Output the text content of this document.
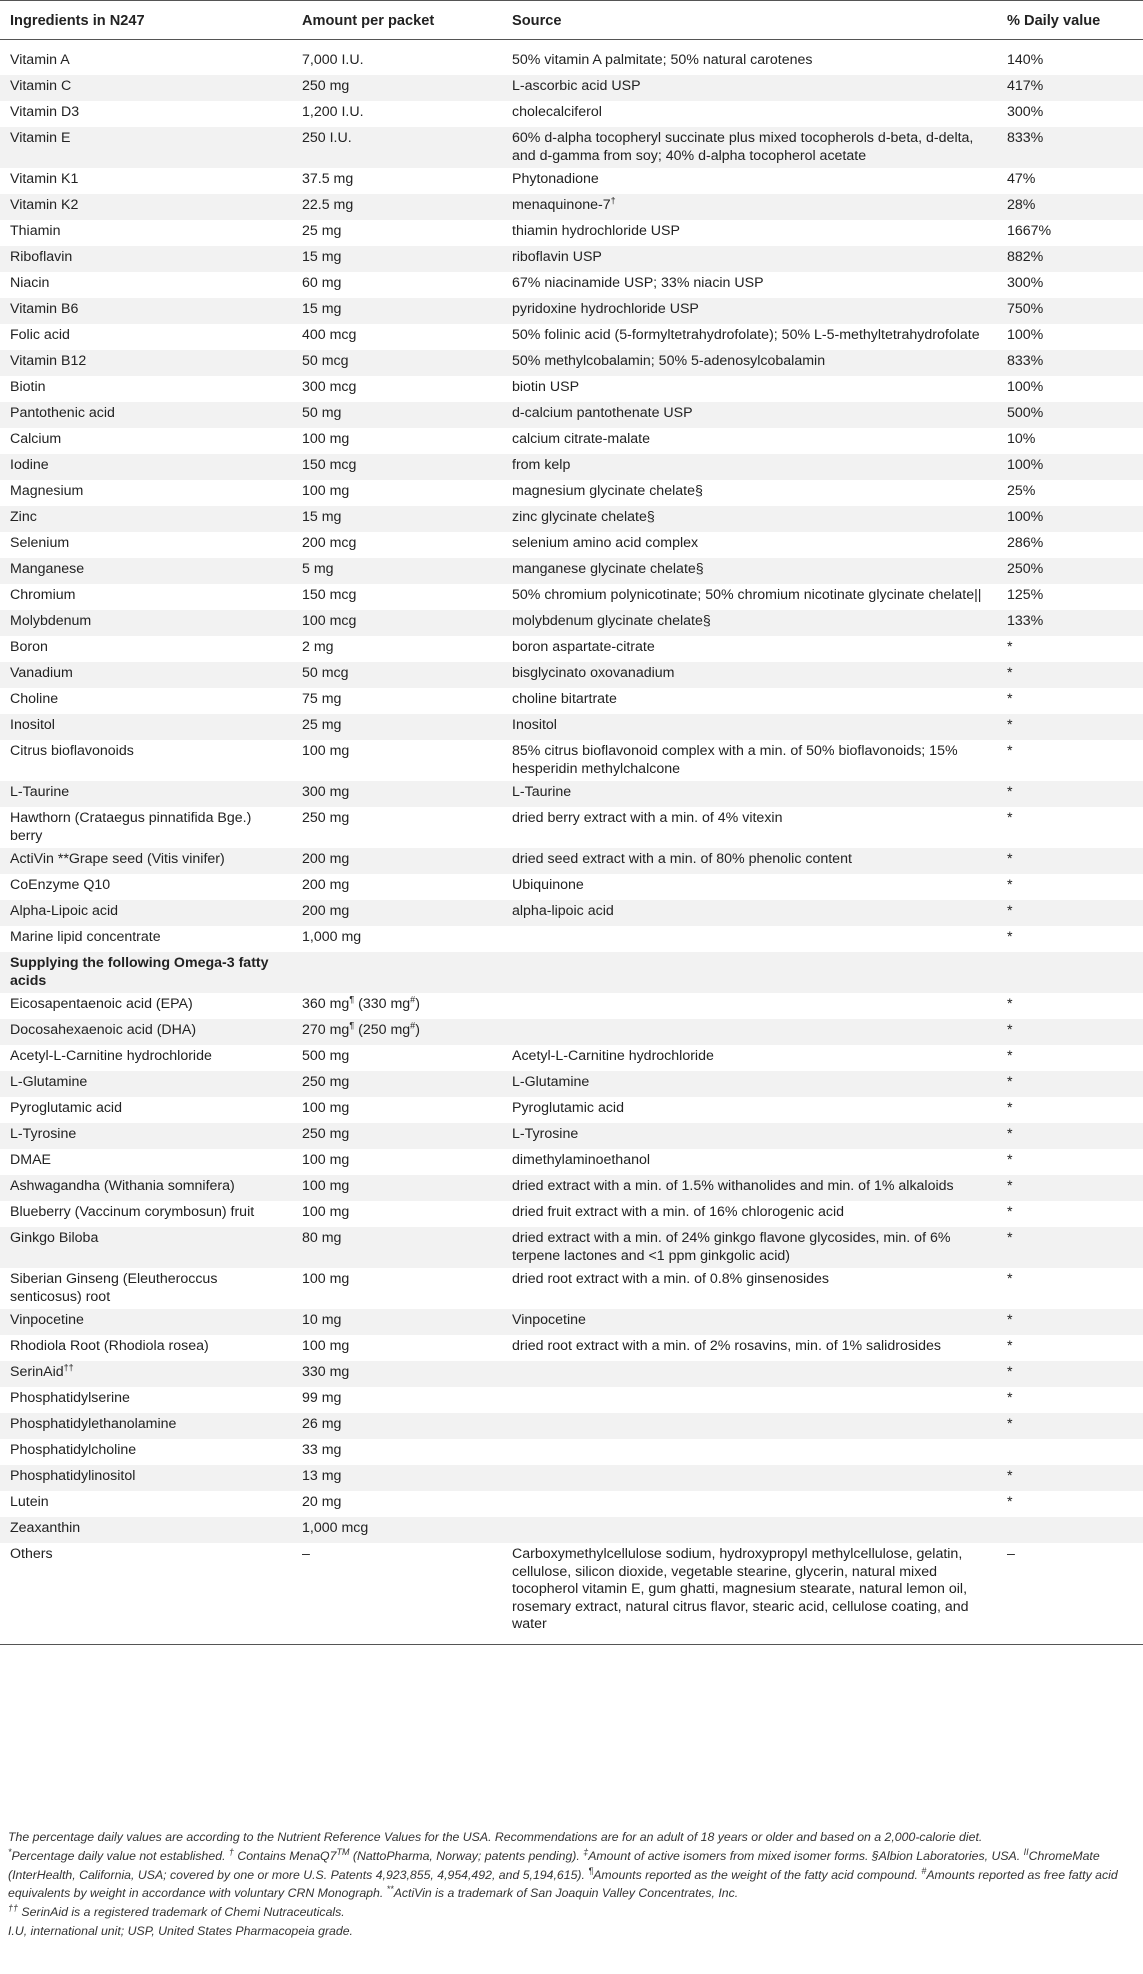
Ingredients in N247	Amount per packet	Source	% Daily value
Vitamin A	7,000 I.U.	50% vitamin A palmitate; 50% natural carotenes	140%
Vitamin C	250 mg	L-ascorbic acid USP	417%
Vitamin D3	1,200 I.U.	cholecalciferol	300%
Vitamin E	250 I.U.	60% d-alpha tocopheryl succinate plus mixed tocopherols d-beta, d-delta, and d-gamma from soy; 40% d-alpha tocopherol acetate	833%
Vitamin K1	37.5 mg	Phytonadione	47%
Vitamin K2	22.5 mg	menaquinone-7†	28%
Thiamin	25 mg	thiamin hydrochloride USP	1667%
Riboflavin	15 mg	riboflavin USP	882%
Niacin	60 mg	67% niacinamide USP; 33% niacin USP	300%
Vitamin B6	15 mg	pyridoxine hydrochloride USP	750%
Folic acid	400 mcg	50% folinic acid (5-formyltetrahydrofolate); 50% L-5-methyltetrahydrofolate	100%
Vitamin B12	50 mcg	50% methylcobalamin; 50% 5-adenosylcobalamin	833%
Biotin	300 mcg	biotin USP	100%
Pantothenic acid	50 mg	d-calcium pantothenate USP	500%
Calcium	100 mg	calcium citrate-malate	10%
Iodine	150 mcg	from kelp	100%
Magnesium	100 mg	magnesium glycinate chelate§	25%
Zinc	15 mg	zinc glycinate chelate§	100%
Selenium	200 mcg	selenium amino acid complex	286%
Manganese	5 mg	manganese glycinate chelate§	250%
Chromium	150 mcg	50% chromium polynicotinate; 50% chromium nicotinate glycinate chelate||	125%
Molybdenum	100 mcg	molybdenum glycinate chelate§	133%
Boron	2 mg	boron aspartate-citrate	*
Vanadium	50 mcg	bisglycinato oxovanadium	*
Choline	75 mg	choline bitartrate	*
Inositol	25 mg	Inositol	*
Citrus bioflavonoids	100 mg	85% citrus bioflavonoid complex with a min. of 50% bioflavonoids; 15% hesperidin methylchalcone	*
L-Taurine	300 mg	L-Taurine	*
Hawthorn (Crataegus pinnatifida Bge.) berry	250 mg	dried berry extract with a min. of 4% vitexin	*
ActiVin **Grape seed (Vitis vinifer)	200 mg	dried seed extract with a min. of 80% phenolic content	*
CoEnzyme Q10	200 mg	Ubiquinone	*
Alpha-Lipoic acid	200 mg	alpha-lipoic acid	*
Marine lipid concentrate	1,000 mg		*
Supplying the following Omega-3 fatty acids			
Eicosapentaenoic acid (EPA)	360 mg¶ (330 mg#)		*
Docosahexaenoic acid (DHA)	270 mg¶ (250 mg#)		*
Acetyl-L-Carnitine hydrochloride	500 mg	Acetyl-L-Carnitine hydrochloride	*
L-Glutamine	250 mg	L-Glutamine	*
Pyroglutamic acid	100 mg	Pyroglutamic acid	*
L-Tyrosine	250 mg	L-Tyrosine	*
DMAE	100 mg	dimethylaminoethanol	*
Ashwagandha (Withania somnifera)	100 mg	dried extract with a min. of 1.5% withanolides and min. of 1% alkaloids	*
Blueberry (Vaccinum corymbosun) fruit	100 mg	dried fruit extract with a min. of 16% chlorogenic acid	*
Ginkgo Biloba	80 mg	dried extract with a min. of 24% ginkgo flavone glycosides, min. of 6% terpene lactones and <1 ppm ginkgolic acid)	*
Siberian Ginseng (Eleutheroccus senticosus) root	100 mg	dried root extract with a min. of 0.8% ginsenosides	*
Vinpocetine	10 mg	Vinpocetine	*
Rhodiola Root (Rhodiola rosea)	100 mg	dried root extract with a min. of 2% rosavins, min. of 1% salidrosides	*
SerinAid††	330 mg		*
Phosphatidylserine	99 mg		*
Phosphatidylethanolamine	26 mg		*
Phosphatidylcholine	33 mg		
Phosphatidylinositol	13 mg		*
Lutein	20 mg		*
Zeaxanthin	1,000 mcg		
Others	–	Carboxymethylcellulose sodium, hydroxypropyl methylcellulose, gelatin, cellulose, silicon dioxide, vegetable stearine, glycerin, natural mixed tocopherol vitamin E, gum ghatti, magnesium stearate, natural lemon oil, rosemary extract, natural citrus flavor, stearic acid, cellulose coating, and water	–

The percentage daily values are according to the Nutrient Reference Values for the USA. Recommendations are for an adult of 18 years or older and based on a 2,000-calorie diet.

*Percentage daily value not established. † Contains MenaQ7™ (NattoPharma, Norway; patents pending). ‡Amount of active isomers from mixed isomer forms. §Albion Laboratories, USA. $^{II}$ChromeMate (InterHealth, California, USA; covered by one or more U.S. Patents 4,923,855, 4,954,492, and 5,194,615). ¶Amounts reported as the weight of the fatty acid compound. #Amounts reported as free fatty acid equivalents by weight in accordance with voluntary CRN Monograph. **ActiVin is a trademark of San Joaquin Valley Concentrates, Inc.

†† SerinAid is a registered trademark of Chemi Nutraceuticals.

I.U, international unit; USP, United States Pharmacopeia grade.
